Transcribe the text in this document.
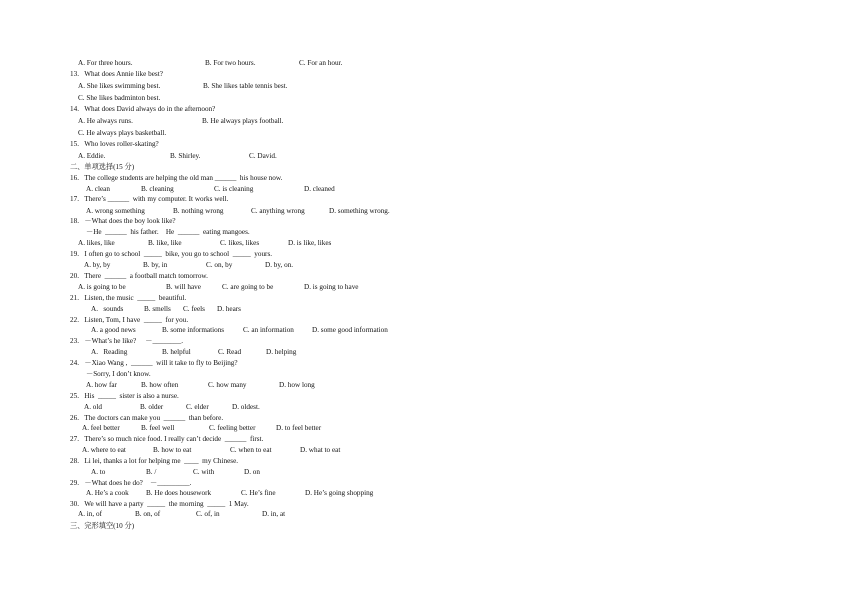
A. For three hours.	B. For two hours.	C. For an hour.
13.   What does Annie like best?
A. She likes swimming best.	B. She likes table tennis best.
C. She likes badminton best.
14.   What does David always do in the afternoon?
A. He always runs.	B. He always plays football.
C. He always plays basketball.
15.   Who loves roller-skating?
A. Eddie.	B. Shirley.	C. David.
二、单项选择(15 分)
16.   The college students are helping the old man ______  his house now.
A. clean	B. cleaning	C. is cleaning	D. cleaned
17.   There’s ______  with my computer. It works well.
A. wrong something	B. nothing wrong	C. anything wrong	D. something wrong.
18.   －What does the boy look like?
－He  ______  his father.    He  ______  eating mangoes.
A. likes, like	B. like, like	C. likes, likes	D. is like, likes
19.   I often go to school  _____  bike, you go to school  _____  yours.
A. by, by	B. by, in	C. on, by	D. by, on.
20.   There  ______  a football match tomorrow.
A. is going to be	B. will have	C. are going to be	D. is going to have
21.   Listen, the music  _____  beautiful.
A.   sounds	B. smells C. feels D. hears
22.   Listen, Tom, I have  _____  for you.
A. a good news	B. some informations	C. an information	D. some good information
23.   －What’s he like?     －________.
A.   Reading	B. helpful	C. Read	D. helping
24.   －Xiao Wang ,  ______  will it take to fly to Beijing?
－Sorry, I don’t know.
A. how far	B. how often	C. how many	D. how long
25.   His  _____  sister is also a nurse.
A. old	B. older	C. elder	D. oldest.
26.   The doctors can make you  ______  than before.
A. feel better	B. feel well	C. feeling better	D. to feel better
27.   There’s so much nice food. I really can’t decide  ______  first.
A. where to eat	B. how to eat	C. when to eat	D. what to eat
28.   Li lei, thanks a lot for helping me  ____  my Chinese.
A. to	B. /	C. with	D. on
29.   －What does he do?    －_________.
A. He’s a cook B. He does housework	C. He’s fine	D. He’s going shopping
30.   We will have a party  _____  the morning  _____  1 May.
A. in, of	B. on, of	C. of, in	D. in, at
三、完形填空(10 分)
